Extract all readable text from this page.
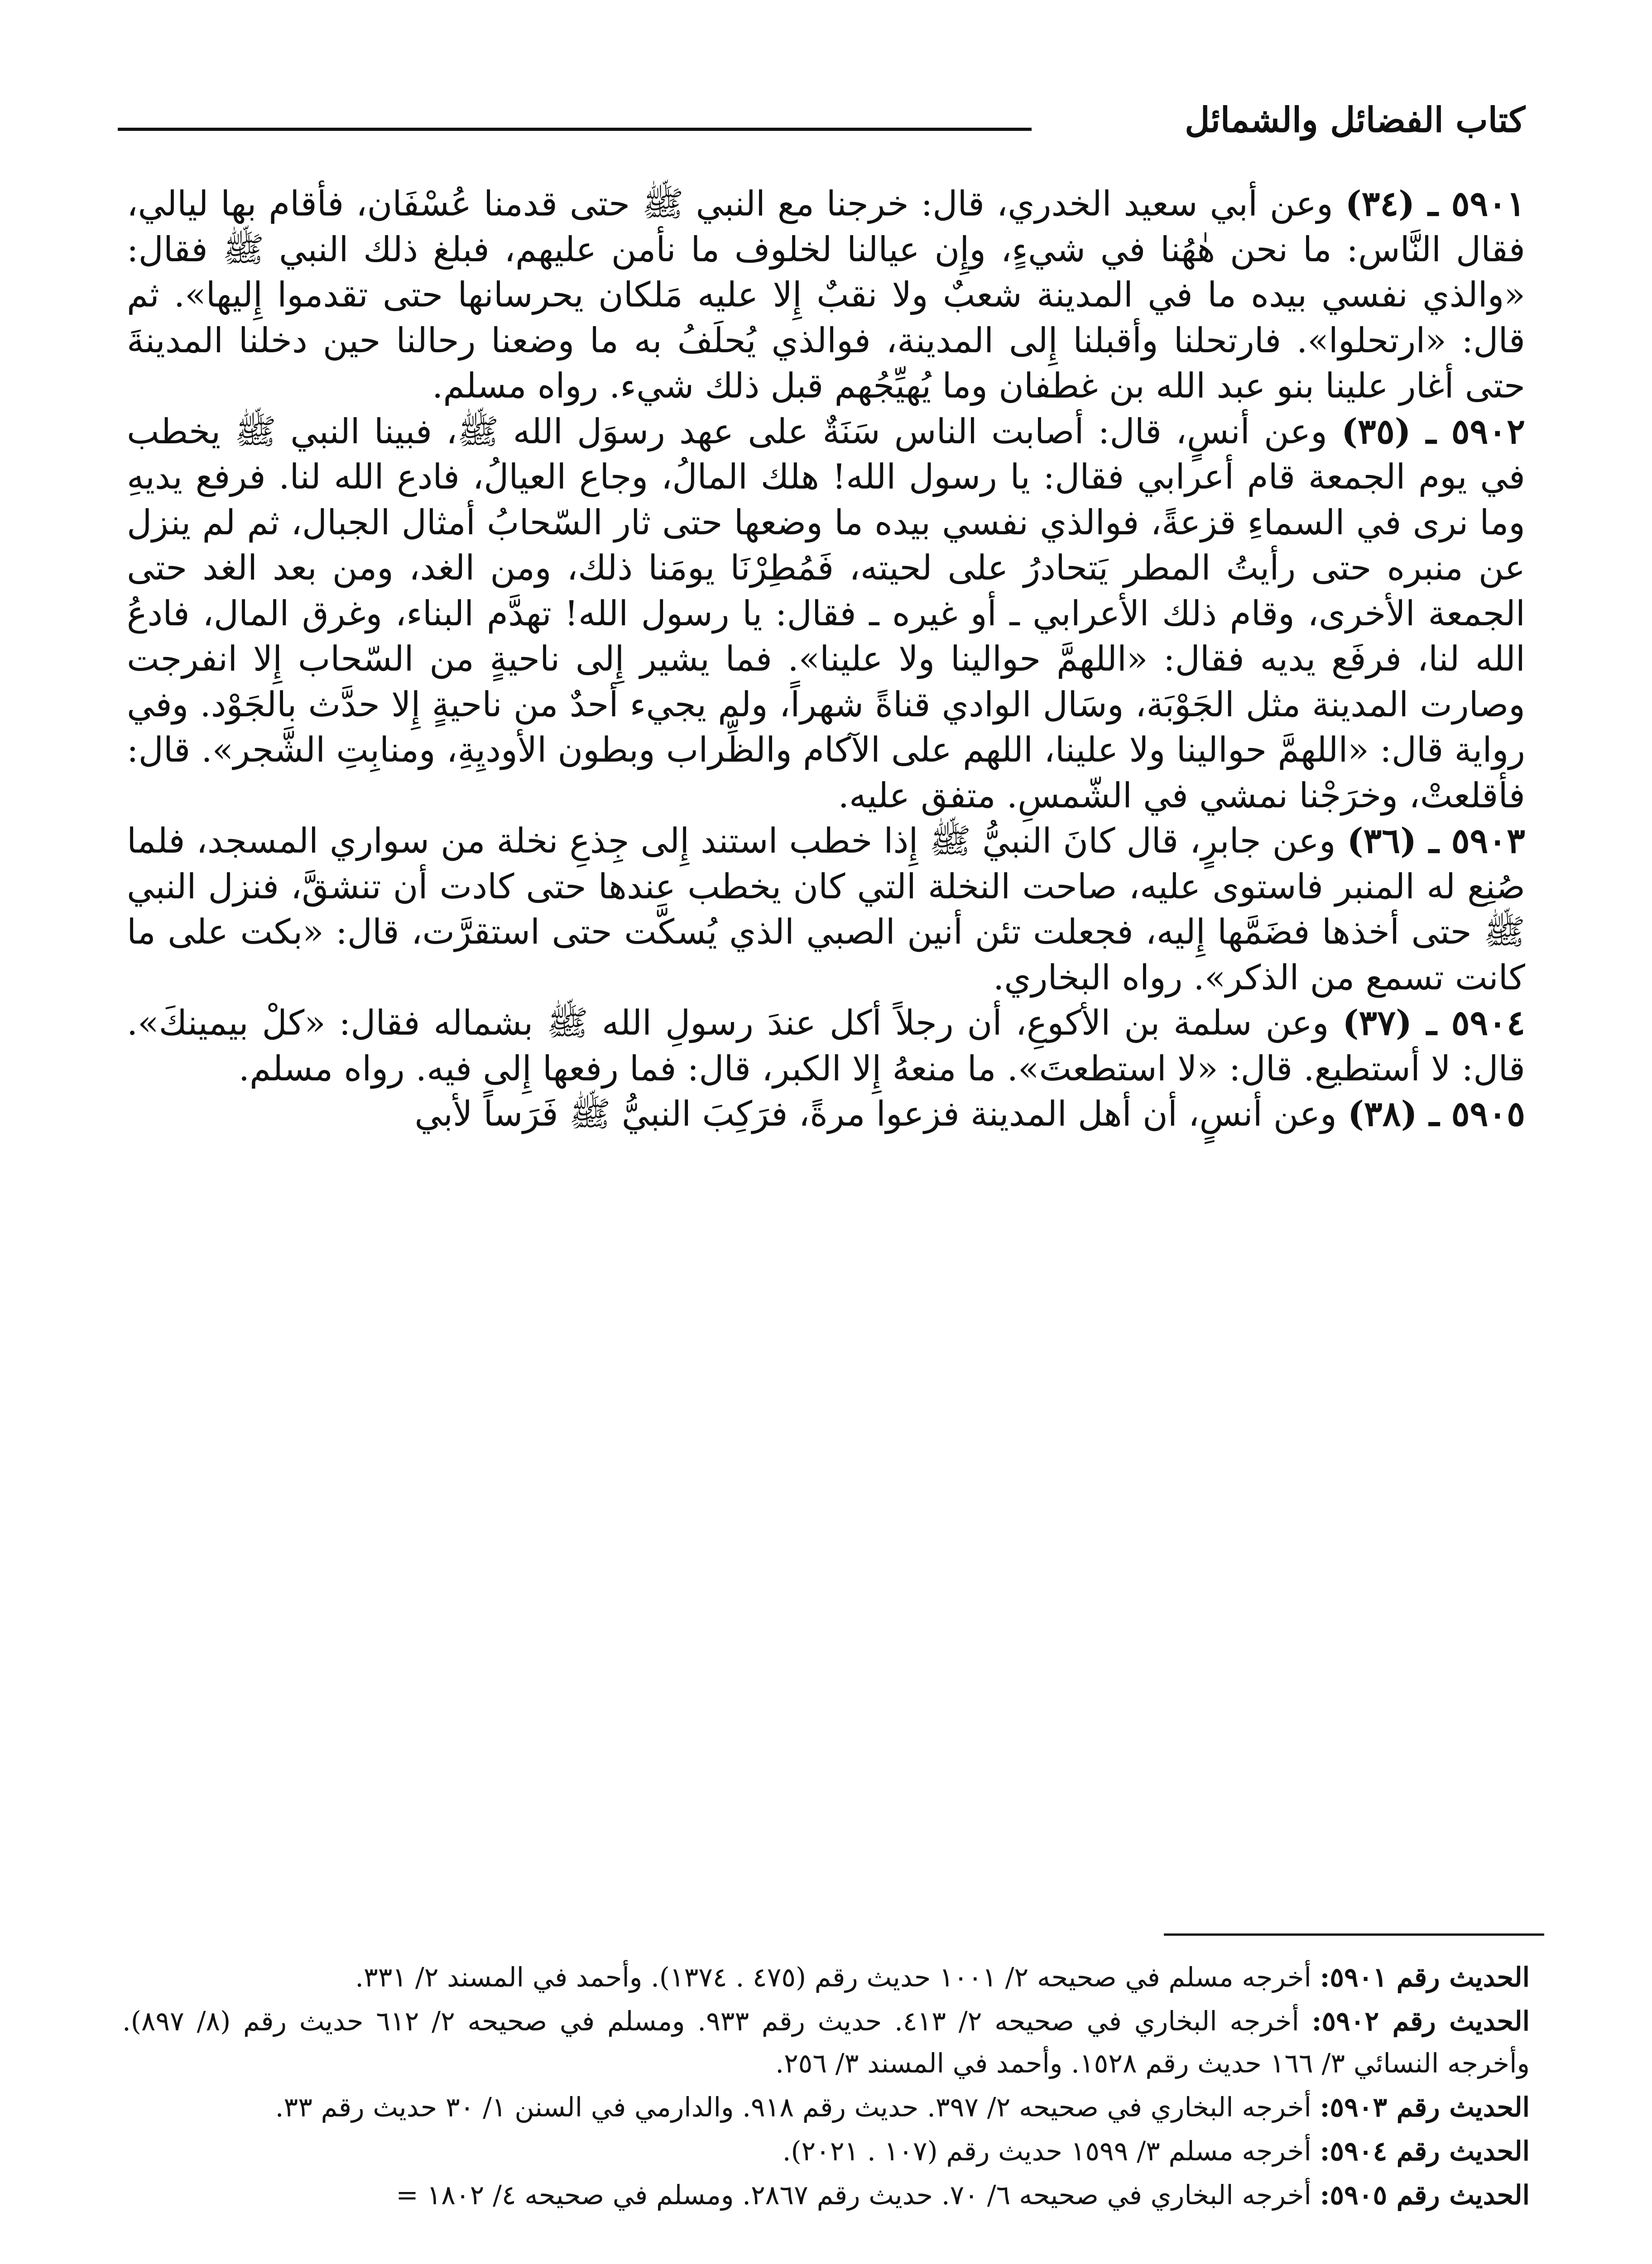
كتاب الفضائل والشمائل

٥٩٠١ ـ (٣٤) وعن أبي سعيد الخدري، قال: خرجنا مع النبي ﷺ حتى قدمنا عُسْفَان، فأقام بها ليالي، فقال النَّاس: ما نحن هٰهُنا في شيءٍ، وإِن عيالنا لخلوف ما نأمن عليهم، فبلغ ذلك النبي ﷺ فقال: «والذي نفسي بيده ما في المدينة شعبٌ ولا نقبٌ إِلا عليه مَلكان يحرسانها حتى تقدموا إِليها». ثم قال: «ارتحلوا». فارتحلنا وأقبلنا إِلى المدينة، فوالذي يُحلَفُ به ما وضعنا رحالنا حين دخلنا المدينةَ حتى أغار علينا بنو عبد الله بن غطفان وما يُهيِّجُهم قبل ذلك شيء. رواه مسلم.

٥٩٠٢ ـ (٣٥) وعن أنسٍ، قال: أصابت الناس سَنَةٌ على عهد رسوَل الله ﷺ، فبينا النبي ﷺ يخطب في يوم الجمعة قام أعرابي فقال: يا رسول الله! هلك المالُ، وجاع العيالُ، فادع الله لنا. فرفع يديهِ وما نرى في السماءِ قزعةً، فوالذي نفسي بيده ما وضعها حتى ثار السّحابُ أمثال الجبال، ثم لم ينزل عن منبره حتى رأيتُ المطر يَتحادرُ على لحيته، فَمُطِرْنَا يومَنا ذلك، ومن الغد، ومن بعد الغد حتى الجمعة الأخرى، وقام ذلك الأعرابي ـ أو غيره ـ فقال: يا رسول الله! تهدَّم البناء، وغرق المال، فادعُ الله لنا، فرفَع يديه فقال: «اللهمَّ حوالينا ولا علينا». فما يشير إِلى ناحيةٍ من السّحاب إِلا انفرجت وصارت المدينة مثل الجَوْبَة، وسَال الوادي قناةً شهراً، ولم يجيء أحدٌ من ناحيةٍ إِلا حدَّث بالجَوْد. وفي رواية قال: «اللهمَّ حوالينا ولا علينا، اللهم على الآكام والظِّراب وبطون الأوديِةِ، ومنابِتِ الشَّجر». قال: فأقلعتْ، وخرَجْنا نمشي في الشّمسِ. متفق عليه.

٥٩٠٣ ـ (٣٦) وعن جابرٍ، قال كانَ النبيُّ ﷺ إِذا خطب استند إِلى جِذعِ نخلة من سواري المسجد، فلما صُنِع له المنبر فاستوى عليه، صاحت النخلة التي كان يخطب عندها حتى كادت أن تنشقَّ، فنزل النبي ﷺ حتى أخذها فضَمَّها إِليه، فجعلت تئن أنين الصبي الذي يُسكَّت حتى استقرَّت، قال: «بكت على ما كانت تسمع من الذكر». رواه البخاري.

٥٩٠٤ ـ (٣٧) وعن سلمة بن الأكوعِ، أن رجلاً أكل عندَ رسولِ الله ﷺ بشماله فقال: «كلْ بيمينكَ». قال: لا أستطيع. قال: «لا استطعتَ». ما منعهُ إِلا الكبر، قال: فما رفعها إِلى فيه. رواه مسلم.

٥٩٠٥ ـ (٣٨) وعن أنسٍ، أن أهل المدينة فزعوا مرةً، فرَكِبَ النبيُّ ﷺ فَرَساً لأبي

الحديث رقم ٥٩٠١: أخرجه مسلم في صحيحه ٢/ ١٠٠١ حديث رقم (٤٧٥ . ١٣٧٤). وأحمد في المسند ٢/ ٣٣١.

الحديث رقم ٥٩٠٢: أخرجه البخاري في صحيحه ٢/ ٤١٣. حديث رقم ٩٣٣. ومسلم في صحيحه ٢/ ٦١٢ حديث رقم (٨/ ٨٩٧). وأخرجه النسائي ٣/ ١٦٦ حديث رقم ١٥٢٨. وأحمد في المسند ٣/ ٢٥٦.

الحديث رقم ٥٩٠٣: أخرجه البخاري في صحيحه ٢/ ٣٩٧. حديث رقم ٩١٨. والدارمي في السنن ١/ ٣٠ حديث رقم ٣٣.

الحديث رقم ٥٩٠٤: أخرجه مسلم ٣/ ١٥٩٩ حديث رقم (١٠٧ . ٢٠٢١).

الحديث رقم ٥٩٠٥: أخرجه البخاري في صحيحه ٦/ ٧٠. حديث رقم ٢٨٦٧. ومسلم في صحيحه ٤/ ١٨٠٢ =
